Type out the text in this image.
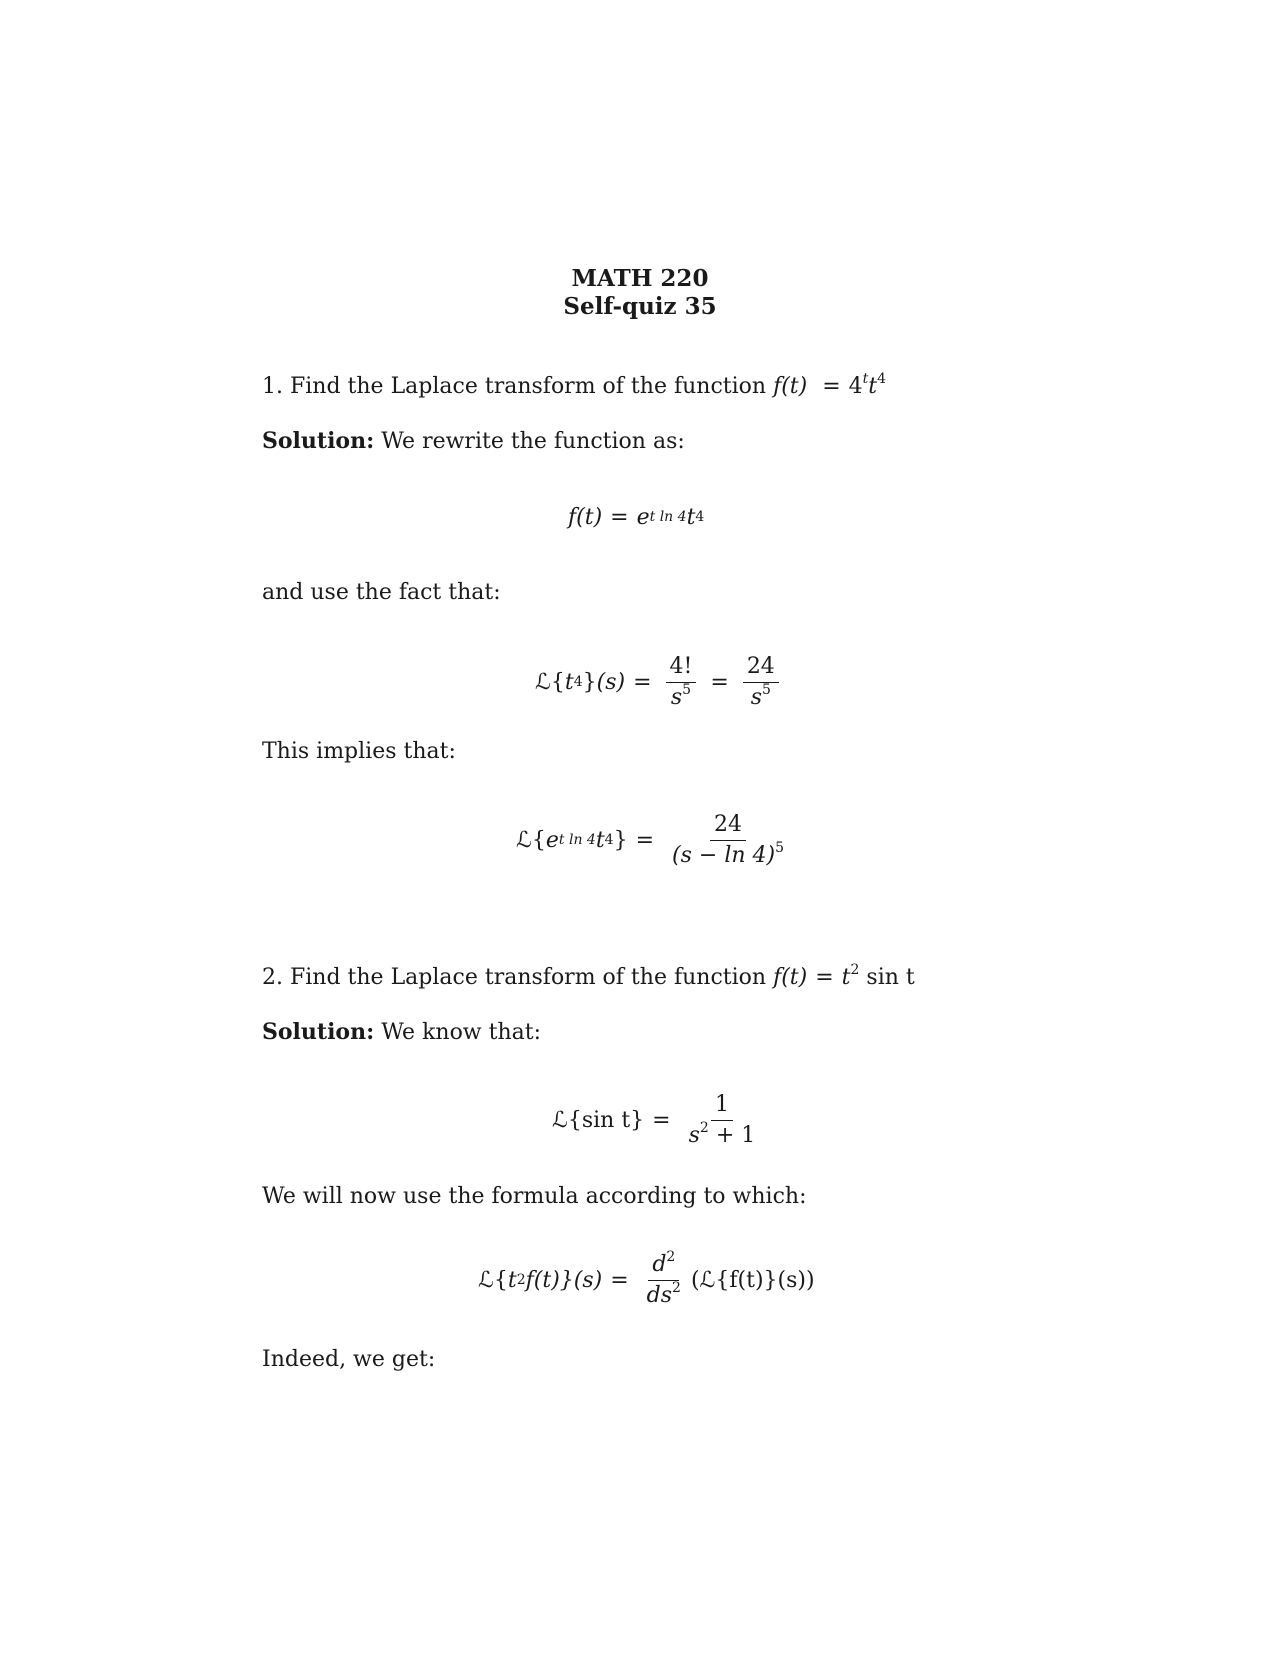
MATH 220
Self-quiz 35
1. Find the Laplace transform of the function $f(t) = 4^tt^4$
Solution: We rewrite the function as:
f(t) = e t ln 4 t 4
and use the fact that:
ℒ { t 4 } $(s) = \frac{4!}{s^5} = \frac{24}{s^5}$
This implies that:
ℒ { e t ln 4 t 4 } = $\frac{24}{(s - \ln 4)^5}$
2. Find the Laplace transform of the function $f(t) = t^2$ sin t
Solution: We know that:
ℒ{sin $t\} = \frac{1}{s^2 + 1}$
We will now use the formula according to which:
ℒ { t 2 $f(t)\}(s) = \frac{d^2}{ds^2}$ (ℒ{f(t)}(s))
Indeed, we get:
